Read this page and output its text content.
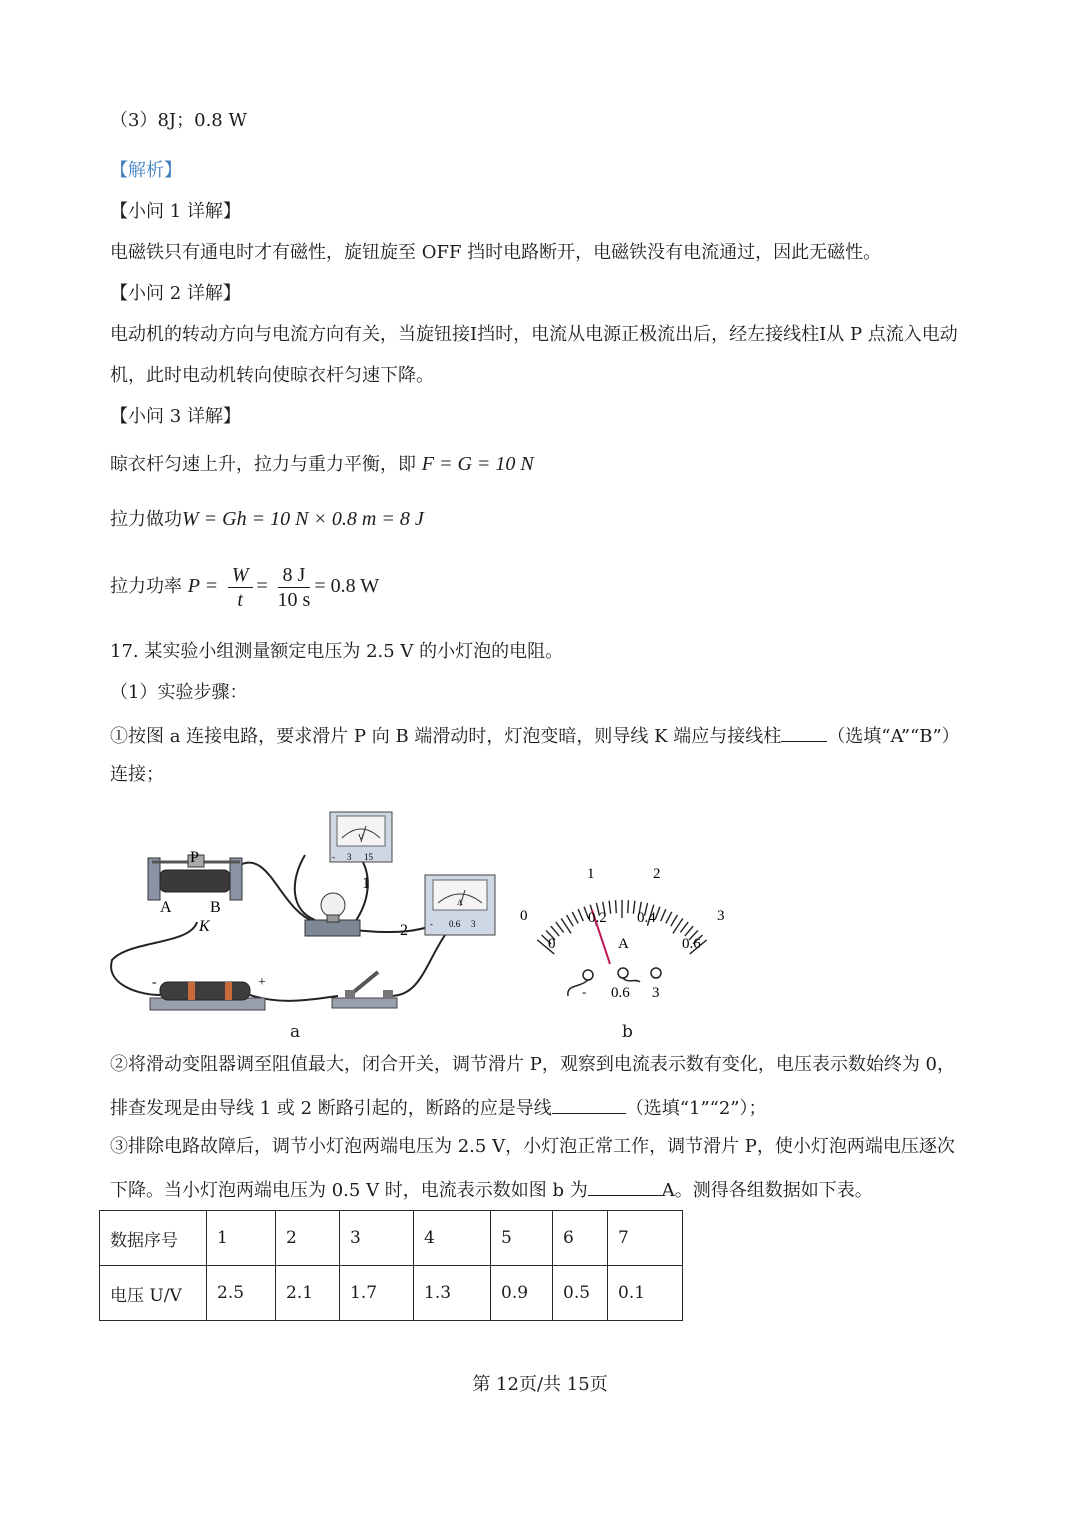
（3）8J；0.8 W
【解析】
【小问 1 详解】
电磁铁只有通电时才有磁性，旋钮旋至 OFF 挡时电路断开，电磁铁没有电流通过，因此无磁性。
【小问 2 详解】
电动机的转动方向与电流方向有关，当旋钮接I挡时，电流从电源正极流出后，经左接线柱I从 P 点流入电动
机，此时电动机转向使晾衣杆匀速下降。
【小问 3 详解】
晾衣杆匀速上升，拉力与重力平衡，即 F = G = 10 N
拉力做功W = Gh = 10 N × 0.8 m = 8 J
拉力功率 $P = \frac{W}{t} = \frac{8 J}{10 s} = 0.8$ W
17. 某实验小组测量额定电压为 2.5 V 的小灯泡的电阻。
（1）实验步骤：
①按图 a 连接电路，要求滑片 P 向 B 端滑动时，灯泡变暗，则导线 K 端应与接线柱	（选填“A”“B”）
连接；
V
- 3 15
A
- 0.6 3
P
A B
K
1
2
-	+
a
0
1	2
3
0
0.2 0.4
0.6
A
- 0.6 3
b
②将滑动变阻器调至阻值最大，闭合开关，调节滑片 P，观察到电流表示数有变化，电压表示数始终为 0，
排查发现是由导线 1 或 2 断路引起的，断路的应是导线	（选填“1”“2”）；
③排除电路故障后，调节小灯泡两端电压为 2.5 V，小灯泡正常工作，调节滑片 P，使小灯泡两端电压逐次
下降。当小灯泡两端电压为 0.5 V 时，电流表示数如图 b 为	A。测得各组数据如下表。
数据序号	1	2	3	4	5	6	7
电压 U/V	2.5	2.1	1.7	1.3	0.9	0.5	0.1
第 12页/共 15页
